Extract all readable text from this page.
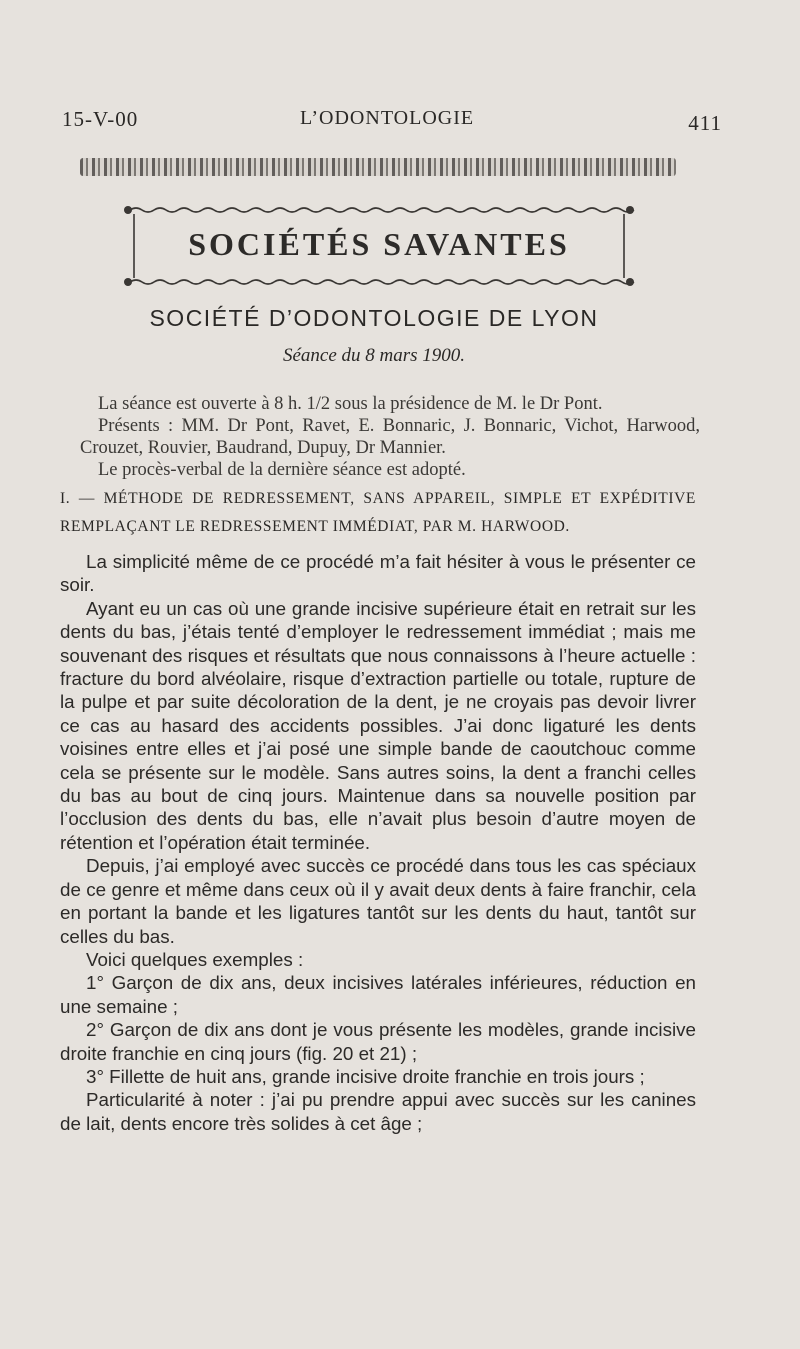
15-V-00	L’ODONTOLOGIE	411
SOCIÉTÉS SAVANTES
SOCIÉTÉ D’ODONTOLOGIE DE LYON
Séance du 8 mars 1900.

La séance est ouverte à 8 h. 1/2 sous la présidence de M. le Dr Pont.

Présents : MM. Dr Pont, Ravet, E. Bonnaric, J. Bonnaric, Vichot, Harwood, Crouzet, Rouvier, Baudrand, Dupuy, Dr Mannier.

Le procès-verbal de la dernière séance est adopté.

I. — MÉTHODE DE REDRESSEMENT, SANS APPAREIL, SIMPLE ET EXPÉDITIVE REMPLAÇANT LE REDRESSEMENT IMMÉDIAT, PAR M. HARWOOD.

La simplicité même de ce procédé m’a fait hésiter à vous le présenter ce soir.

Ayant eu un cas où une grande incisive supérieure était en retrait sur les dents du bas, j’étais tenté d’employer le redressement immédiat ; mais me souvenant des risques et résultats que nous connaissons à l’heure actuelle : fracture du bord alvéolaire, risque d’extraction partielle ou totale, rupture de la pulpe et par suite décoloration de la dent, je ne croyais pas devoir livrer ce cas au hasard des accidents possibles. J’ai donc ligaturé les dents voisines entre elles et j’ai posé une simple bande de caoutchouc comme cela se présente sur le modèle. Sans autres soins, la dent a franchi celles du bas au bout de cinq jours. Maintenue dans sa nouvelle position par l’occlusion des dents du bas, elle n’avait plus besoin d’autre moyen de rétention et l’opération était terminée.

Depuis, j’ai employé avec succès ce procédé dans tous les cas spéciaux de ce genre et même dans ceux où il y avait deux dents à faire franchir, cela en portant la bande et les ligatures tantôt sur les dents du haut, tantôt sur celles du bas.

Voici quelques exemples :

1° Garçon de dix ans, deux incisives latérales inférieures, réduction en une semaine ;

2° Garçon de dix ans dont je vous présente les modèles, grande incisive droite franchie en cinq jours (fig. 20 et 21) ;

3° Fillette de huit ans, grande incisive droite franchie en trois jours ;

Particularité à noter : j’ai pu prendre appui avec succès sur les canines de lait, dents encore très solides à cet âge ;
